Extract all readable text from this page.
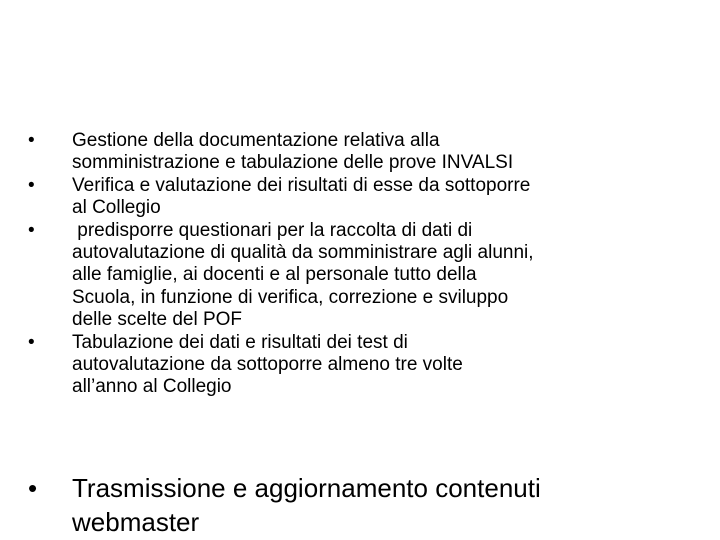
•	Gestione della documentazione relativa alla
somministrazione e tabulazione delle prove INVALSI
•	Verifica e valutazione dei risultati di esse da sottoporre
al Collegio
•	predisporre questionari per la raccolta di dati di
autovalutazione di qualità da somministrare agli alunni,
alle famiglie, ai docenti e al personale tutto della
Scuola, in funzione di verifica, correzione e sviluppo
delle scelte del POF
•	Tabulazione dei dati e risultati dei test di
autovalutazione da sottoporre almeno tre volte
all’anno al Collegio
•	Trasmissione e aggiornamento contenuti
webmaster
